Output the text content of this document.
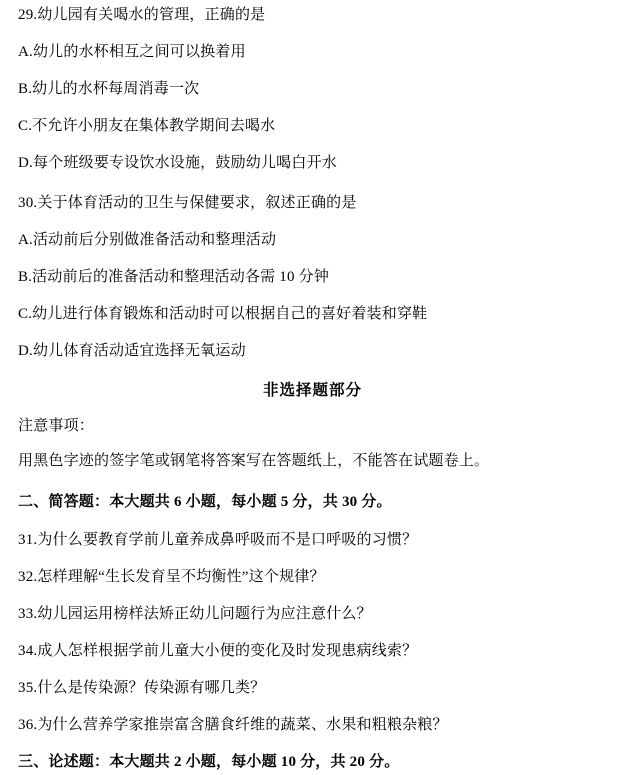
29.幼儿园有关喝水的管理，正确的是

A.幼儿的水杯相互之间可以换着用

B.幼儿的水杯每周消毒一次

C.不允许小朋友在集体教学期间去喝水

D.每个班级要专设饮水设施，鼓励幼儿喝白开水

30.关于体育活动的卫生与保健要求，叙述正确的是

A.活动前后分别做准备活动和整理活动

B.活动前后的准备活动和整理活动各需 10 分钟

C.幼儿进行体育锻炼和活动时可以根据自己的喜好着装和穿鞋

D.幼儿体育活动适宜选择无氧运动

非选择题部分

注意事项：

用黑色字迹的签字笔或钢笔将答案写在答题纸上，不能答在试题卷上。

二、简答题：本大题共 6 小题，每小题 5 分，共 30 分。

31.为什么要教育学前儿童养成鼻呼吸而不是口呼吸的习惯？

32.怎样理解“生长发育呈不均衡性”这个规律？

33.幼儿园运用榜样法矫正幼儿问题行为应注意什么？

34.成人怎样根据学前儿童大小便的变化及时发现患病线索？

35.什么是传染源？传染源有哪几类？

36.为什么营养学家推崇富含膳食纤维的蔬菜、水果和粗粮杂粮？

三、论述题：本大题共 2 小题，每小题 10 分，共 20 分。
